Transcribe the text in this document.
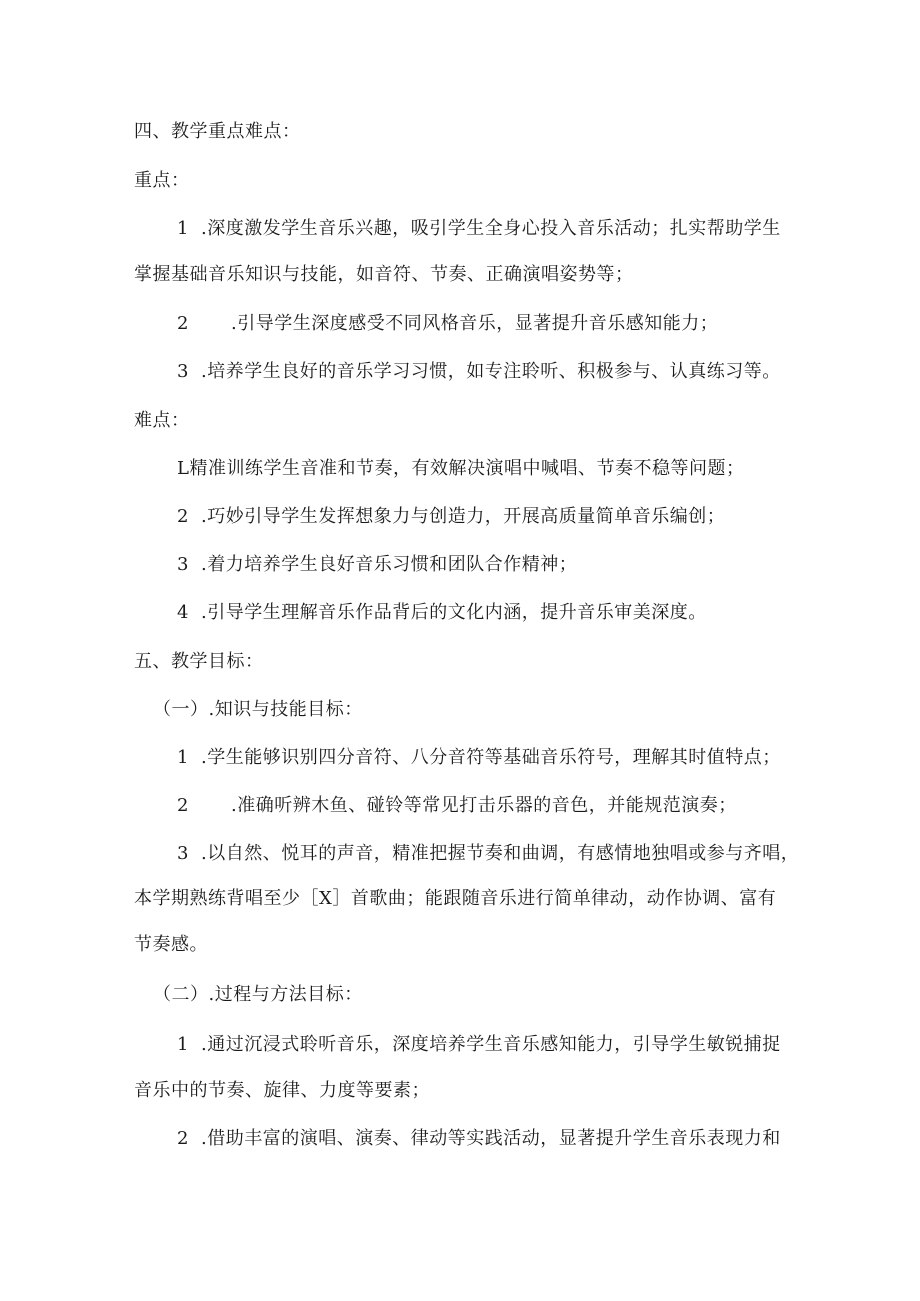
四、教学重点难点：
重点：
1 .深度激发学生音乐兴趣，吸引学生全身心投入音乐活动；扎实帮助学生
掌握基础音乐知识与技能，如音符、节奏、正确演唱姿势等；
2 .引导学生深度感受不同风格音乐，显著提升音乐感知能力；
3 .培养学生良好的音乐学习习惯，如专注聆听、积极参与、认真练习等。
难点：
L精准训练学生音准和节奏，有效解决演唱中喊唱、节奏不稳等问题；
2 .巧妙引导学生发挥想象力与创造力，开展高质量简单音乐编创；
3 .着力培养学生良好音乐习惯和团队合作精神；
4 .引导学生理解音乐作品背后的文化内涵，提升音乐审美深度。
五、教学目标：
（一）.知识与技能目标：
1 .学生能够识别四分音符、八分音符等基础音乐符号，理解其时值特点；
2 .准确听辨木鱼、碰铃等常见打击乐器的音色，并能规范演奏；
3 .以自然、悦耳的声音，精准把握节奏和曲调，有感情地独唱或参与齐唱，
本学期熟练背唱至少［X］首歌曲；能跟随音乐进行简单律动，动作协调、富有
节奏感。
（二）.过程与方法目标：
1 .通过沉浸式聆听音乐，深度培养学生音乐感知能力，引导学生敏锐捕捉
音乐中的节奏、旋律、力度等要素；
2 .借助丰富的演唱、演奏、律动等实践活动，显著提升学生音乐表现力和
